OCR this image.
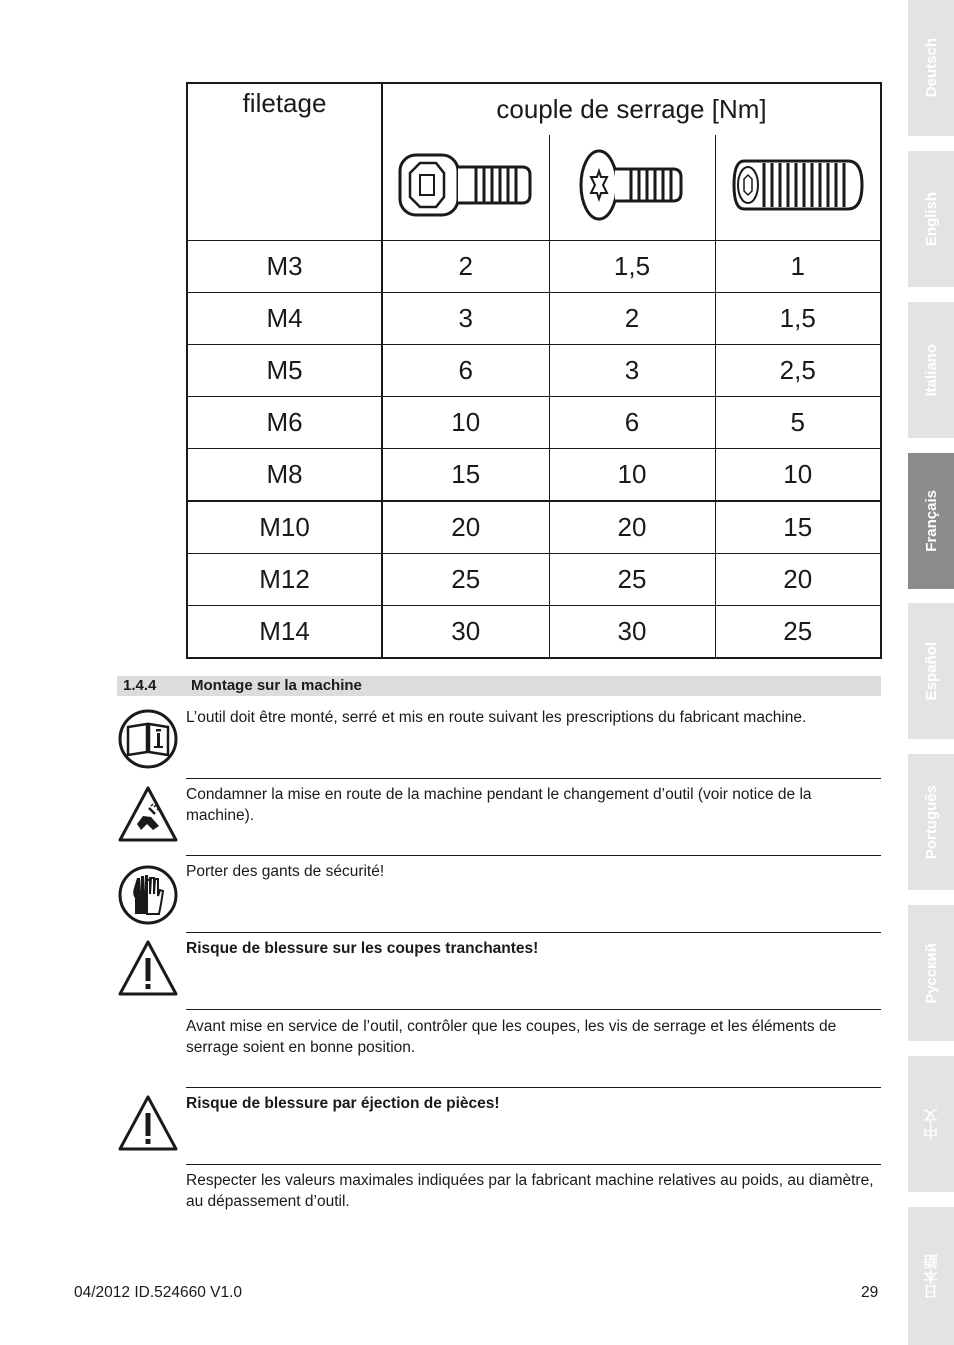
Deutsch
English
Italiano
Français
Español
Português
Русский
中文
日本語
filetage	couple de serrage [Nm]		

M3	2	1,5	1
M4	3	2	1,5
M5	6	3	2,5
M6	10	6	5
M8	15	10	10
M10	20	20	15
M12	25	25	20
M14	30	30	25
1.4.4 Montage sur la machine
L’outil doit être monté, serré et mis en route suivant les prescriptions du fabricant machine.
Condamner la mise en route de la machine pendant le changement d’outil (voir notice de la machine).
Porter des gants de sécurité!
Risque de blessure sur les coupes tranchantes!
Avant mise en service de l’outil, contrôler que les coupes, les vis de serrage et les éléments de serrage soient en bonne position.
Risque de blessure par éjection de pièces!
Respecter les valeurs maximales indiquées par la fabricant machine relatives au poids, au diamètre, au dépassement d’outil.
04/2012 ID.524660 V1.0	29
